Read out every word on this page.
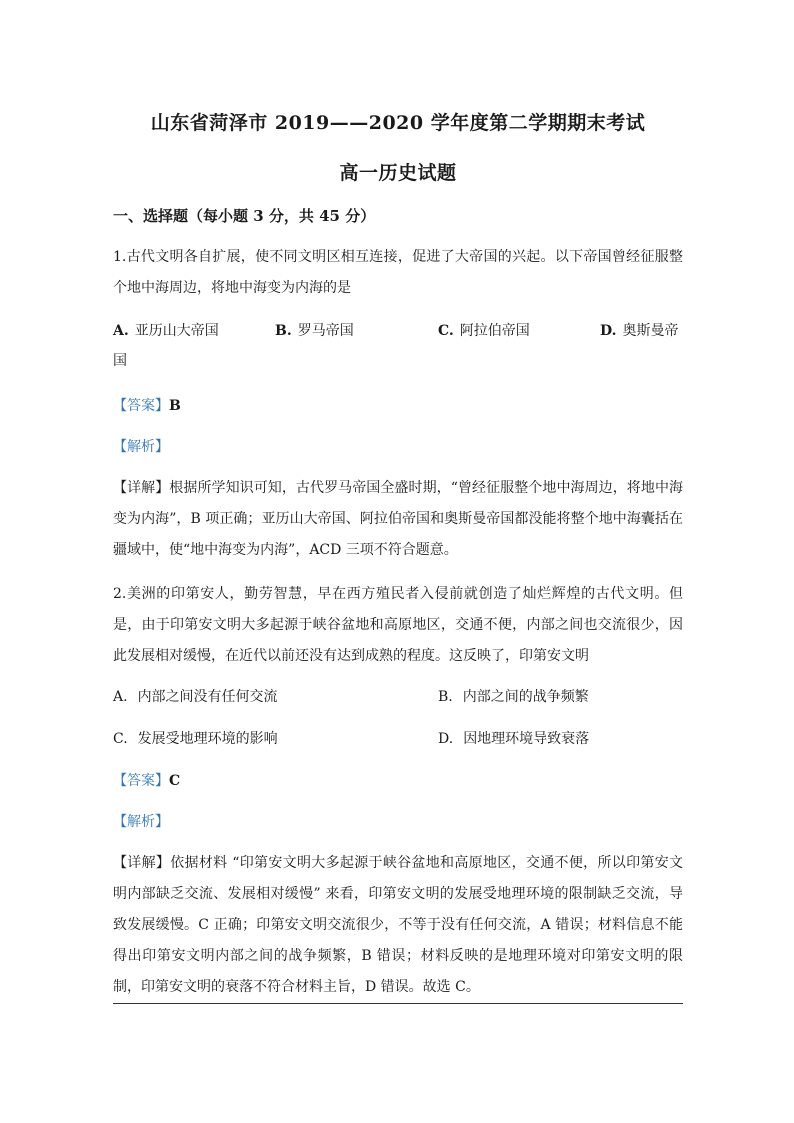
山东省菏泽市 2019——2020 学年度第二学期期末考试
高一历史试题
一、选择题（每小题 3 分，共 45 分）
1.古代文明各自扩展，使不同文明区相互连接，促进了大帝国的兴起。以下帝国曾经征服整个地中海周边，将地中海变为内海的是
A. 亚历山大帝国	B. 罗马帝国	C. 阿拉伯帝国	D. 奥斯曼帝
国
【答案】B
【解析】
【详解】根据所学知识可知，古代罗马帝国全盛时期，“曾经征服整个地中海周边，将地中海变为内海”，B 项正确；亚历山大帝国、阿拉伯帝国和奥斯曼帝国都没能将整个地中海囊括在疆域中，使“地中海变为内海”，ACD 三项不符合题意。
2.美洲的印第安人，勤劳智慧，早在西方殖民者入侵前就创造了灿烂辉煌的古代文明。但是，由于印第安文明大多起源于峡谷盆地和高原地区，交通不便，内部之间也交流很少，因此发展相对缓慢，在近代以前还没有达到成熟的程度。这反映了，印第安文明
A. 内部之间没有任何交流	B. 内部之间的战争频繁
C. 发展受地理环境的影响	D. 因地理环境导致衰落
【答案】C
【解析】
【详解】依据材料 “印第安文明大多起源于峡谷盆地和高原地区，交通不便，所以印第安文明内部缺乏交流、发展相对缓慢” 来看，印第安文明的发展受地理环境的限制缺乏交流，导致发展缓慢。C 正确；印第安文明交流很少，不等于没有任何交流，A 错误；材料信息不能得出印第安文明内部之间的战争频繁，B 错误；材料反映的是地理环境对印第安文明的限制，印第安文明的衰落不符合材料主旨，D 错误。故选 C。
